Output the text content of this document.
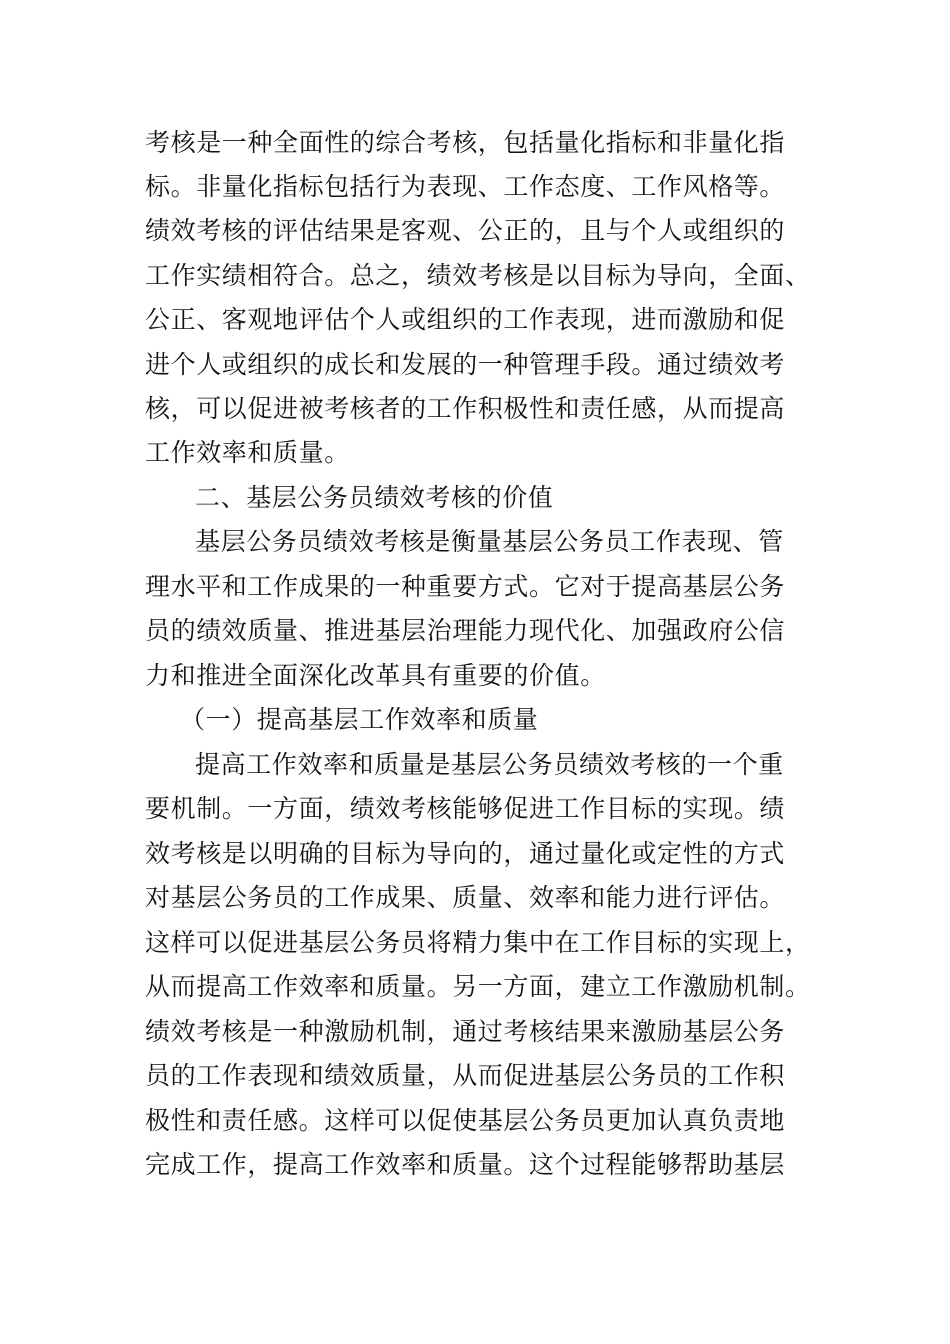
考核是一种全面性的综合考核，包括量化指标和非量化指
标。非量化指标包括行为表现、工作态度、工作风格等。
绩效考核的评估结果是客观、公正的，且与个人或组织的
工作实绩相符合。总之，绩效考核是以目标为导向，全面、
公正、客观地评估个人或组织的工作表现，进而激励和促
进个人或组织的成长和发展的一种管理手段。通过绩效考
核，可以促进被考核者的工作积极性和责任感，从而提高
工作效率和质量。
二、基层公务员绩效考核的价值
基层公务员绩效考核是衡量基层公务员工作表现、管
理水平和工作成果的一种重要方式。它对于提高基层公务
员的绩效质量、推进基层治理能力现代化、加强政府公信
力和推进全面深化改革具有重要的价值。
（一）提高基层工作效率和质量
提高工作效率和质量是基层公务员绩效考核的一个重
要机制。一方面，绩效考核能够促进工作目标的实现。绩
效考核是以明确的目标为导向的，通过量化或定性的方式
对基层公务员的工作成果、质量、效率和能力进行评估。
这样可以促进基层公务员将精力集中在工作目标的实现上，
从而提高工作效率和质量。另一方面，建立工作激励机制。
绩效考核是一种激励机制，通过考核结果来激励基层公务
员的工作表现和绩效质量，从而促进基层公务员的工作积
极性和责任感。这样可以促使基层公务员更加认真负责地
完成工作，提高工作效率和质量。这个过程能够帮助基层
